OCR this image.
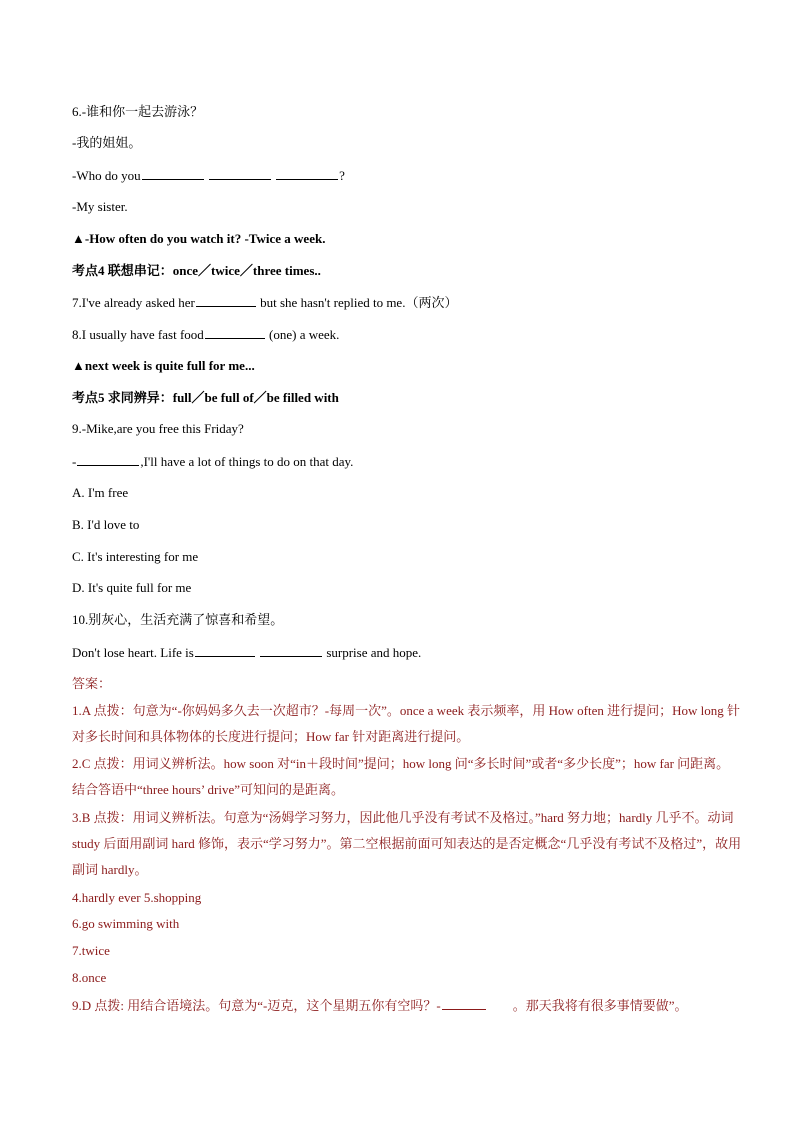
6.-谁和你一起去游泳？
-我的姐姐。
-Who do you	?
-My sister.
▲-How often do you watch it? -Twice a week.
考点4 联想串记：once／twice／three times..
7.I've already asked her	but she hasn't replied to me.（两次）
8.I usually have fast food	(one) a week.
▲next week is quite full for me...
考点5 求同辨异：full／be full of／be filled with
9.-Mike,are you free this Friday?
-	,I'll have a lot of things to do on that day.
A. I'm free
B. I'd love to
C. It's interesting for me
D. It's quite full for me
10.别灰心，生活充满了惊喜和希望。
Don't lose heart. Life is	surprise and hope.
答案：
1.A 点拨：句意为“-你妈妈多久去一次超市？-每周一次”。once a week 表示频率，用 How often 进行提问；How long 针对多长时间和具体物体的长度进行提问；How far 针对距离进行提问。
2.C 点拨：用词义辨析法。how soon 对“in＋段时间”提问；how long 问“多长时间”或者“多少长度”；how far 问距离。结合答语中“three hours’ drive”可知问的是距离。
3.B 点拨：用词义辨析法。句意为“汤姆学习努力，因此他几乎没有考试不及格过。”hard 努力地；hardly 几乎不。动词 study 后面用副词 hard 修饰，表示“学习努力”。第二空根据前面可知表达的是否定概念“几乎没有考试不及格过”，故用副词 hardly。
4.hardly ever 5.shopping
6.go swimming with
7.twice
8.once
9.D 点拨: 用结合语境法。句意为“-迈克，这个星期五你有空吗？-	。那天我将有很多事情要做”。
